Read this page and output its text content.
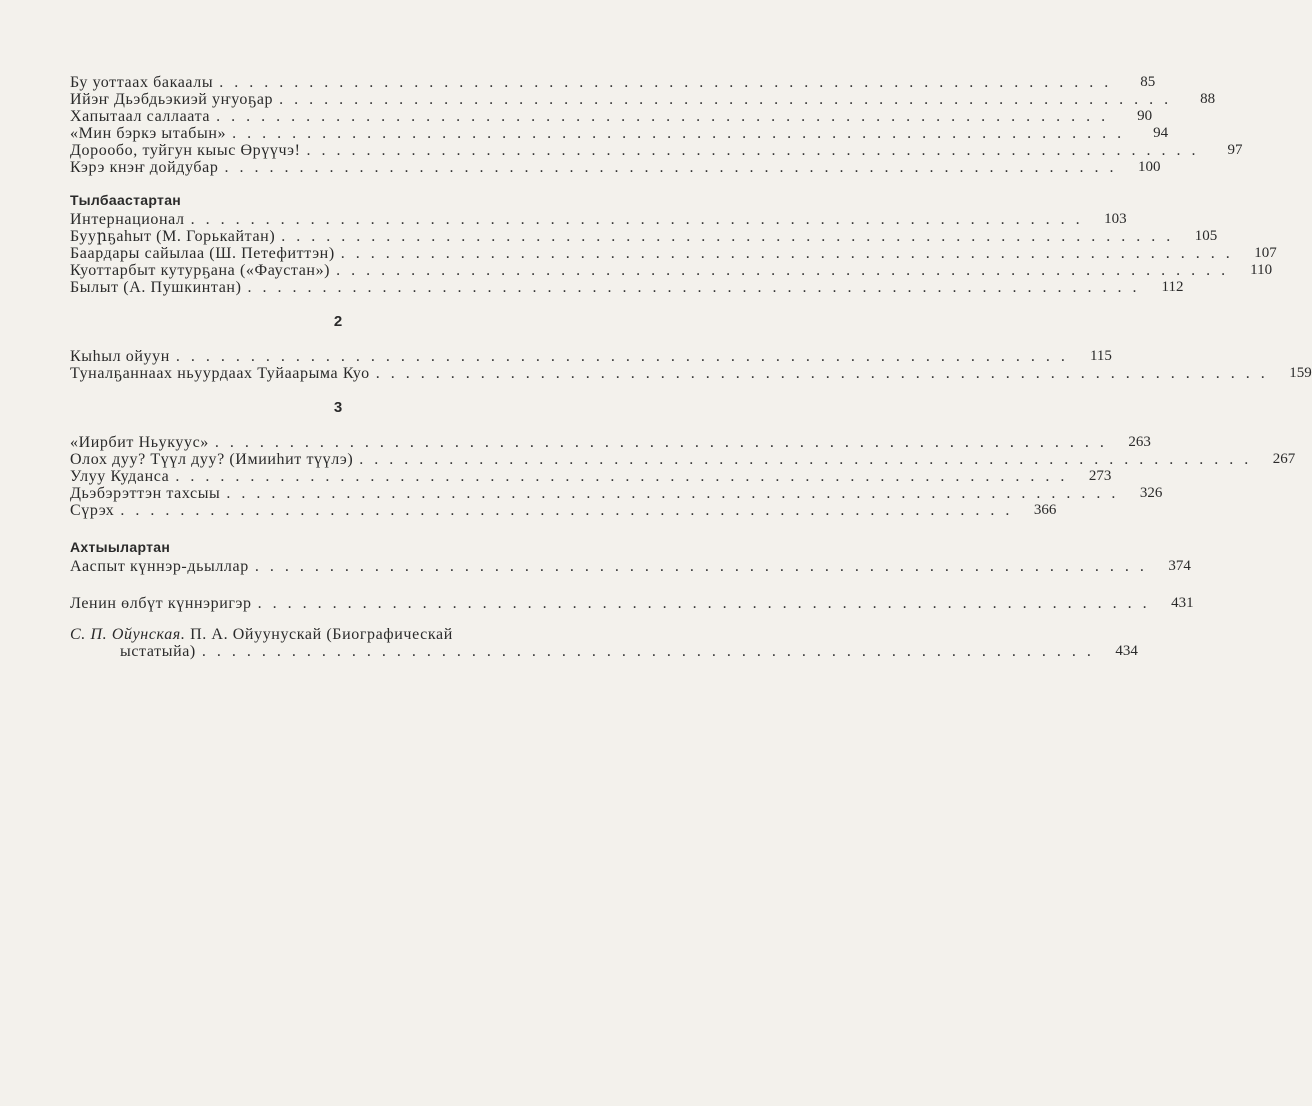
Бу уоттаах бакаалы ............................................................	85
Ийэҥ Дьэбдьэкиэй уҥуоҕар ............................................................	88
Хапытаал саллаата ............................................................	90
«Мин бэркэ ытабын» ............................................................	94
Дорообо, туйгун кыыс Өрүүчэ! ............................................................	97
Кэрэ кнэҥ дойдубар ............................................................ 100
Тылбаастартан
Интернационал ............................................................ 103
Бууրҕаһыт (М. Горькайтан) ............................................................ 105
Баардары сайылаа (Ш. Петефиттэн) ............................................................ 107
Куоттарбыт кутурҕана («Фаустан») ............................................................ 110
Былыт (А. Пушкинтан) ............................................................ 112
2
Кыһыл ойуун ............................................................ 115
Туналҕаннаах ньуурдаах Туйаарыма Куо ............................................................ 159
3
«Ииpбит Ньукуус» ............................................................ 263
Олох дуу? Түүл дуу? (Имииһит түүлэ) ............................................................ 267
Улуу Куданса ............................................................ 273
Дьэбэрэттэн тахсыы ............................................................ 326
Сүрэх ............................................................ 366
Ахтыылартан
Ааспыт күннэр-дьыллар ............................................................ 374
Ленин өлбүт күннэригэр ............................................................ 431
С. П. Ойунская. П. А. Ойуунускай (Биографическай
ыстатыйа) ............................................................ 434
